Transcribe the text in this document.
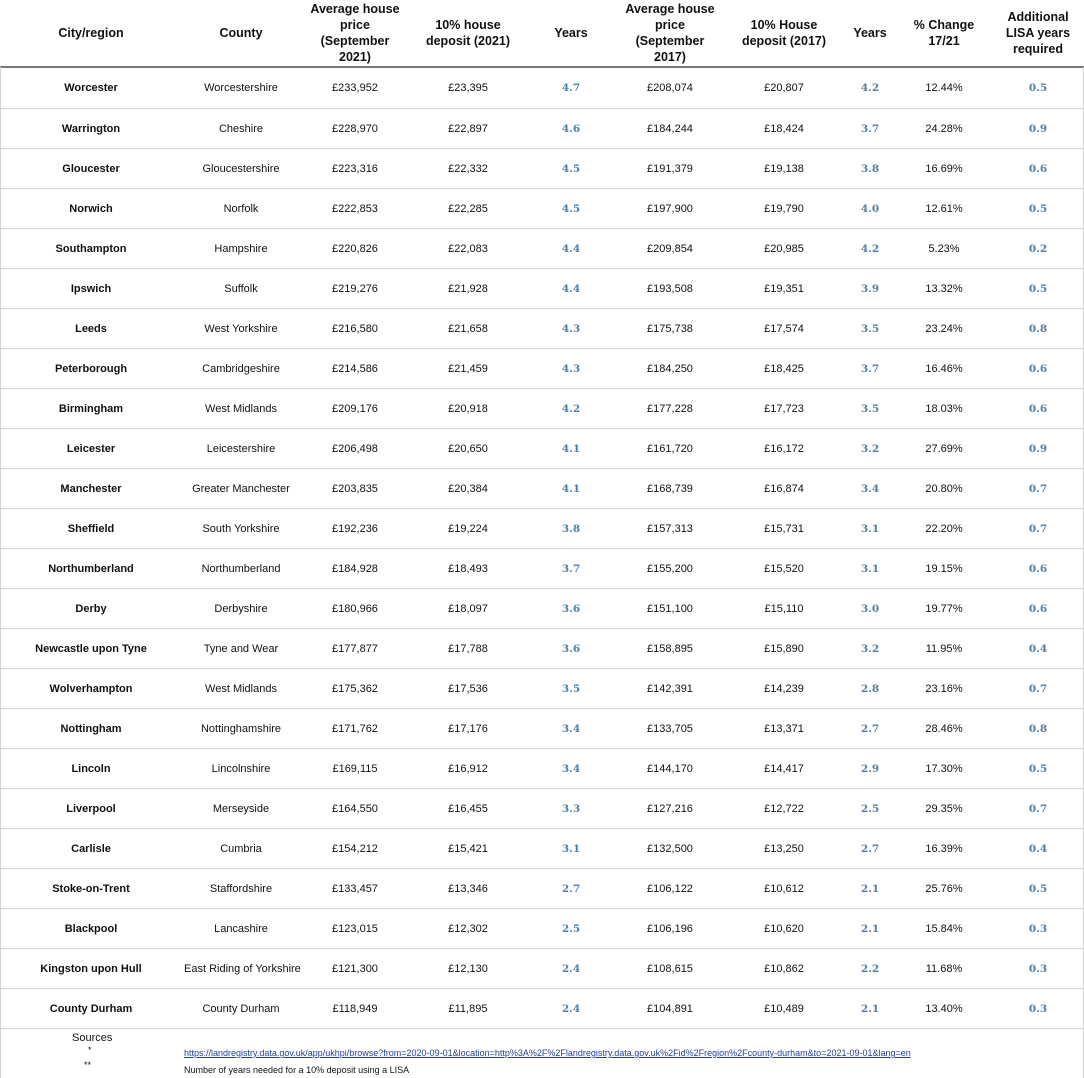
City/region	County	Average house price (September 2021)	10% house deposit (2021)	Years	Average house price (September 2017)	10% House deposit (2017)	Years	% Change 17/21	Additional LISA years required
Worcester	Worcestershire	£233,952	£23,395	4.7	£208,074	£20,807	4.2	12.44%	0.5
Warrington	Cheshire	£228,970	£22,897	4.6	£184,244	£18,424	3.7	24.28%	0.9
Gloucester	Gloucestershire	£223,316	£22,332	4.5	£191,379	£19,138	3.8	16.69%	0.6
Norwich	Norfolk	£222,853	£22,285	4.5	£197,900	£19,790	4.0	12.61%	0.5
Southampton	Hampshire	£220,826	£22,083	4.4	£209,854	£20,985	4.2	5.23%	0.2
Ipswich	Suffolk	£219,276	£21,928	4.4	£193,508	£19,351	3.9	13.32%	0.5
Leeds	West Yorkshire	£216,580	£21,658	4.3	£175,738	£17,574	3.5	23.24%	0.8
Peterborough	Cambridgeshire	£214,586	£21,459	4.3	£184,250	£18,425	3.7	16.46%	0.6
Birmingham	West Midlands	£209,176	£20,918	4.2	£177,228	£17,723	3.5	18.03%	0.6
Leicester	Leicestershire	£206,498	£20,650	4.1	£161,720	£16,172	3.2	27.69%	0.9
Manchester	Greater Manchester	£203,835	£20,384	4.1	£168,739	£16,874	3.4	20.80%	0.7
Sheffield	South Yorkshire	£192,236	£19,224	3.8	£157,313	£15,731	3.1	22.20%	0.7
Northumberland	Northumberland	£184,928	£18,493	3.7	£155,200	£15,520	3.1	19.15%	0.6
Derby	Derbyshire	£180,966	£18,097	3.6	£151,100	£15,110	3.0	19.77%	0.6
Newcastle upon Tyne	Tyne and Wear	£177,877	£17,788	3.6	£158,895	£15,890	3.2	11.95%	0.4
Wolverhampton	West Midlands	£175,362	£17,536	3.5	£142,391	£14,239	2.8	23.16%	0.7
Nottingham	Nottinghamshire	£171,762	£17,176	3.4	£133,705	£13,371	2.7	28.46%	0.8
Lincoln	Lincolnshire	£169,115	£16,912	3.4	£144,170	£14,417	2.9	17.30%	0.5
Liverpool	Merseyside	£164,550	£16,455	3.3	£127,216	£12,722	2.5	29.35%	0.7
Carlisle	Cumbria	£154,212	£15,421	3.1	£132,500	£13,250	2.7	16.39%	0.4
Stoke-on-Trent	Staffordshire	£133,457	£13,346	2.7	£106,122	£10,612	2.1	25.76%	0.5
Blackpool	Lancashire	£123,015	£12,302	2.5	£106,196	£10,620	2.1	15.84%	0.3
Kingston upon Hull	East Riding of Yorkshire	£121,300	£12,130	2.4	£108,615	£10,862	2.2	11.68%	0.3
County Durham	County Durham	£118,949	£11,895	2.4	£104,891	£10,489	2.1	13.40%	0.3
Sources
*
**
https://landregistry.data.gov.uk/app/ukhpi/browse?from=2020-09-01&location=http%3A%2F%2Flandregistry.data.gov.uk%2Fid%2Fregion%2Fcounty-durham&to=2021-09-01&lang=en
Number of years needed for a 10% deposit using a LISA
